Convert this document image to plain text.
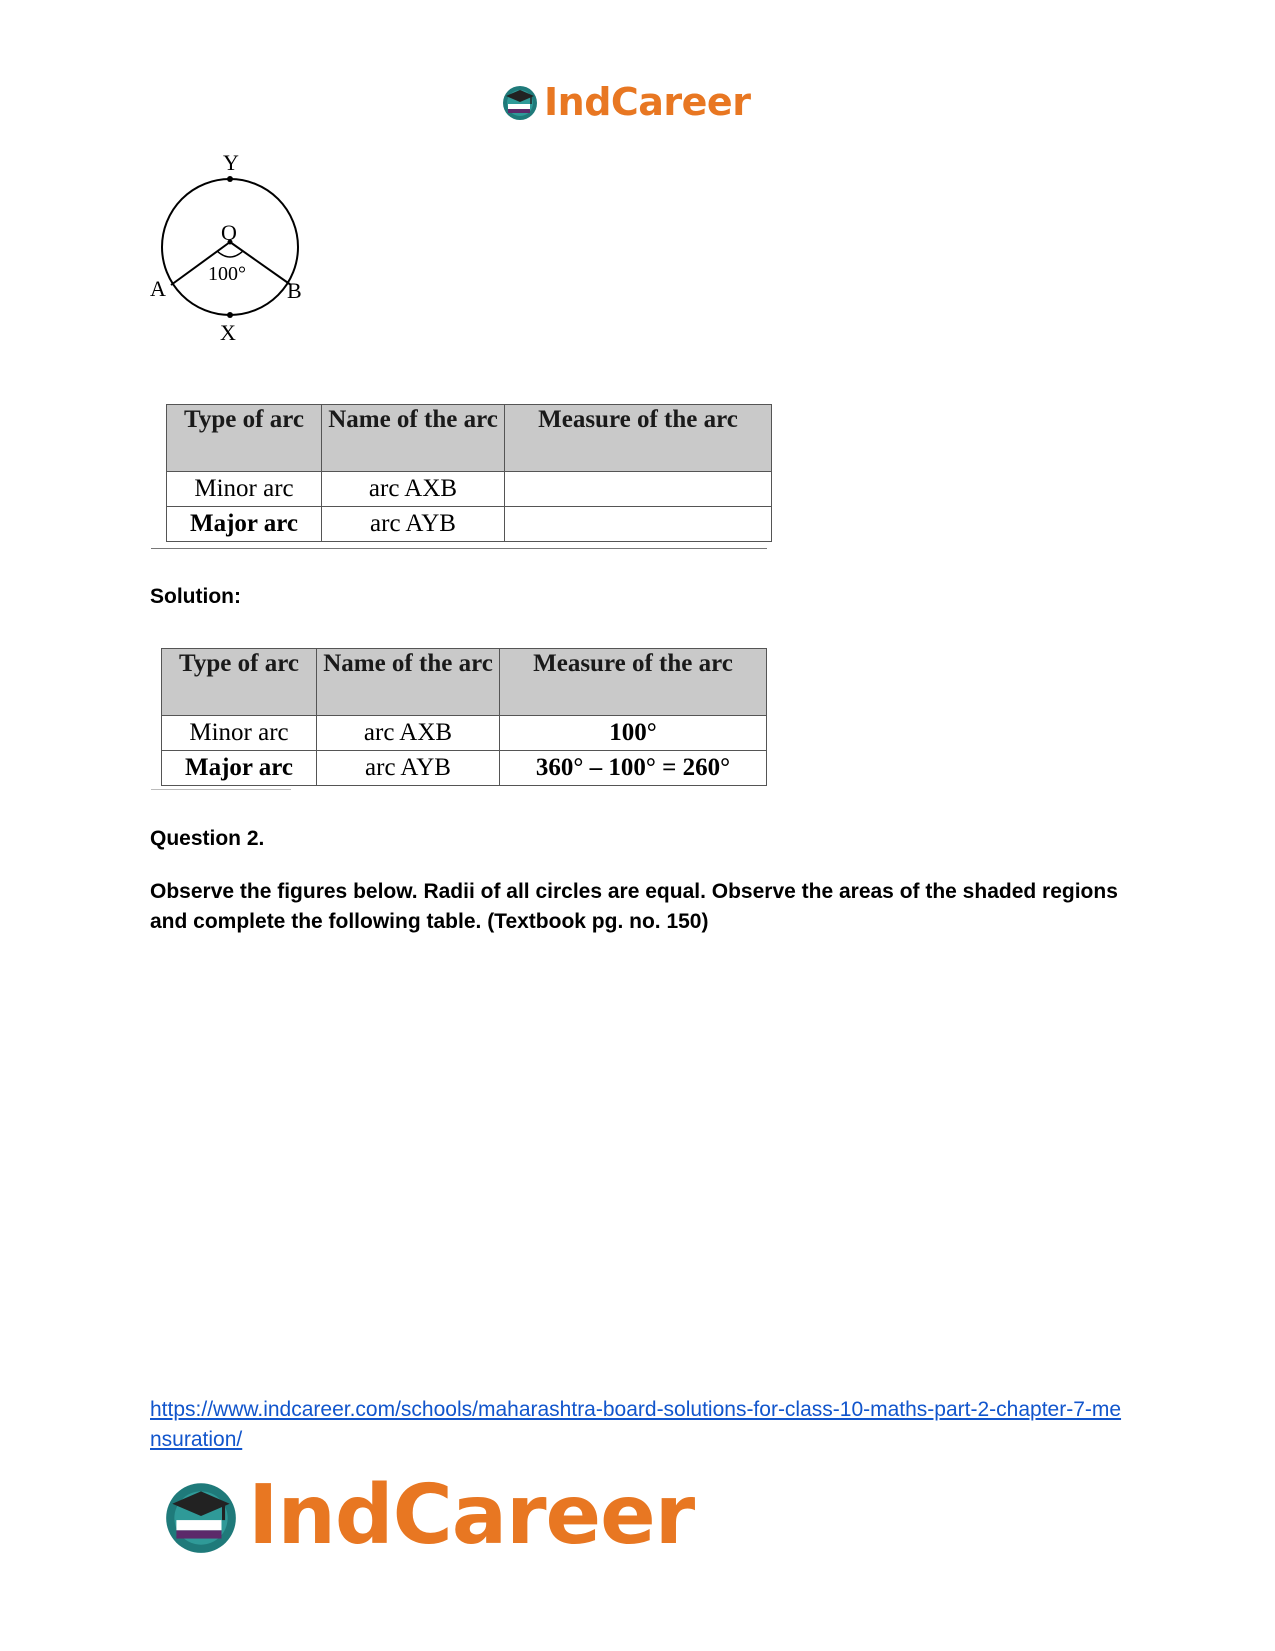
IndCareer
Y
O
100°
A	B
X
Type of arc	Name of the arc	Measure of the arc
Minor arc	arc AXB	
Major arc	arc AYB	
Solution:
Type of arc	Name of the arc	Measure of the arc
Minor arc	arc AXB	100°
Major arc	arc AYB	360° – 100° = 260°
Question 2.
Observe the figures below. Radii of all circles are equal. Observe the areas of the shaded regions and complete the following table. (Textbook pg. no. 150)
https://www.indcareer.com/schools/maharashtra-board-solutions-for-class-10-maths-part-2-chapter-7-mensuration/
IndCareer
